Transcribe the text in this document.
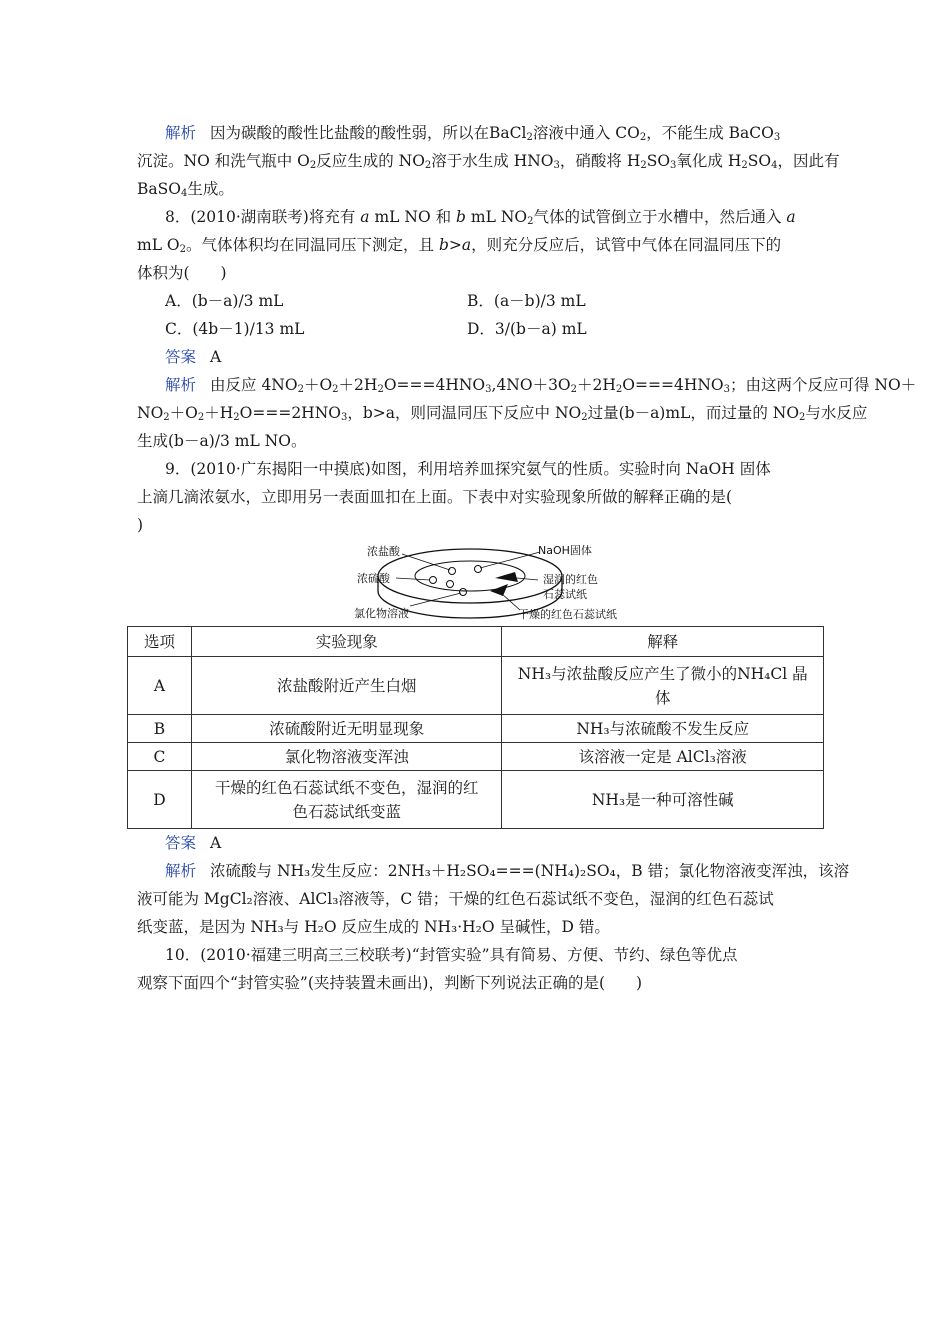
解析 因为碳酸的酸性比盐酸的酸性弱，所以在BaCl$_2$溶液中通入 $CO_2$，不能生成 BaCO$_3$
沉淀。NO 和洗气瓶中 $O_2$反应生成的 $NO_2$溶于水生成 $HNO_3$，硝酸将 $H_2SO_3$氧化成 $H_2SO_4$，因此有
BaSO$_4$生成。
8．(2010·湖南联考)将充有 a mL NO 和 b mL $NO_2$气体的试管倒立于水槽中，然后通入 a
mL $O_2$。气体体积均在同温同压下测定，且 b>a，则充分反应后，试管中气体在同温同压下的
体积为(　　)
A．(b－a)/3 mL	B．(a－b)/3 mL
C．(4b－1)/13 mL	D．3/(b－a) mL
答案 A
解析 由反应 $4NO_2+O_2+2H_2O===4HNO_3,4NO+3O_2+2H_2O===4HNO_3$；由这两个反应可得 NO＋
$NO_2+O_2+H_2O===2HNO_3$，b>a，则同温同压下反应中 $NO_2$过量(b－a)mL，而过量的 $NO_2$与水反应
生成(b－a)/3 mL NO。
9．(2010·广东揭阳一中摸底)如图，利用培养皿探究氨气的性质。实验时向 NaOH 固体
上滴几滴浓氨水，立即用另一表面皿扣在上面。下表中对实验现象所做的解释正确的是(
)
浓盐酸
浓硫酸
氯化物溶液
NaOH固体
湿润的红色
石蕊试纸
干燥的红色石蕊试纸
选项	实验现象	解释
A	浓盐酸附近产生白烟	NH₃与浓盐酸反应产生了微小的NH₄Cl 晶
体

B	浓硫酸附近无明显现象	NH₃与浓硫酸不发生反应
C	氯化物溶液变浑浊	该溶液一定是 AlCl₃溶液
D	干燥的红色石蕊试纸不变色，湿润的红
色石蕊试纸变蓝	NH₃是一种可溶性碱
答案 A
解析 浓硫酸与 NH₃发生反应：2NH₃＋H₂SO₄===(NH₄)₂SO₄，B 错；氯化物溶液变浑浊，该溶
液可能为 MgCl₂溶液、AlCl₃溶液等，C 错；干燥的红色石蕊试纸不变色，湿润的红色石蕊试
纸变蓝，是因为 NH₃与 H₂O 反应生成的 NH₃·H₂O 呈碱性，D 错。
10．(2010·福建三明高三三校联考)“封管实验”具有简易、方便、节约、绿色等优点
观察下面四个“封管实验”(夹持装置未画出)，判断下列说法正确的是(　　)
